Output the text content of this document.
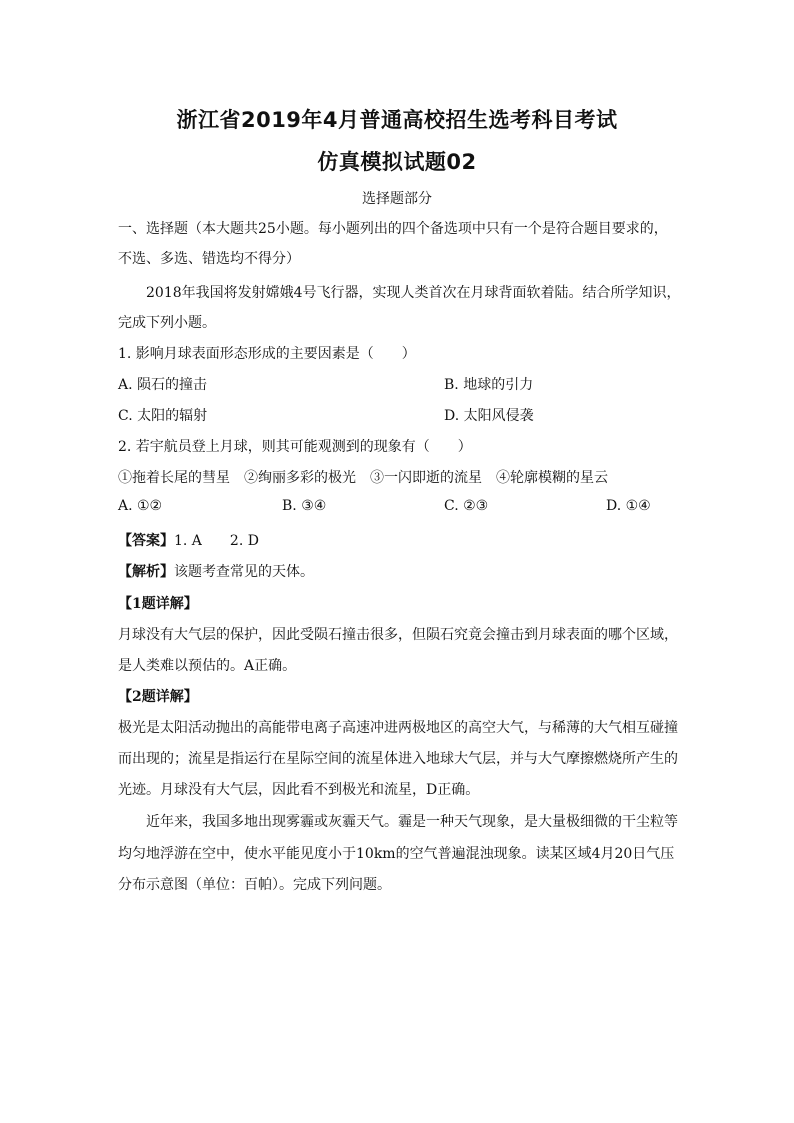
浙江省2019年4月普通高校招生选考科目考试
仿真模拟试题02
选择题部分
一、选择题（本大题共25小题。每小题列出的四个备选项中只有一个是符合题目要求的，
不选、多选、错选均不得分）
2018年我国将发射嫦娥4号飞行器，实现人类首次在月球背面软着陆。结合所学知识，
完成下列小题。
1. 影响月球表面形态形成的主要因素是（　　）
A. 陨石的撞击	B. 地球的引力
C. 太阳的辐射	D. 太阳风侵袭
2. 若宇航员登上月球，则其可能观测到的现象有（　　）
①拖着长尾的彗星　②绚丽多彩的极光　③一闪即逝的流星　④轮廓模糊的星云
A. ①②	B. ③④	C. ②③	D. ①④
【答案】1. A　　2. D
【解析】该题考查常见的天体。
【1题详解】
月球没有大气层的保护，因此受陨石撞击很多，但陨石究竟会撞击到月球表面的哪个区域，
是人类难以预估的。A正确。
【2题详解】
极光是太阳活动抛出的高能带电离子高速冲进两极地区的高空大气，与稀薄的大气相互碰撞
而出现的；流星是指运行在星际空间的流星体进入地球大气层，并与大气摩擦燃烧所产生的
光迹。月球没有大气层，因此看不到极光和流星，D正确。
近年来，我国多地出现雾霾或灰霾天气。霾是一种天气现象，是大量极细微的干尘粒等
均匀地浮游在空中，使水平能见度小于10km的空气普遍混浊现象。读某区域4月20日气压
分布示意图（单位：百帕）。完成下列问题。
